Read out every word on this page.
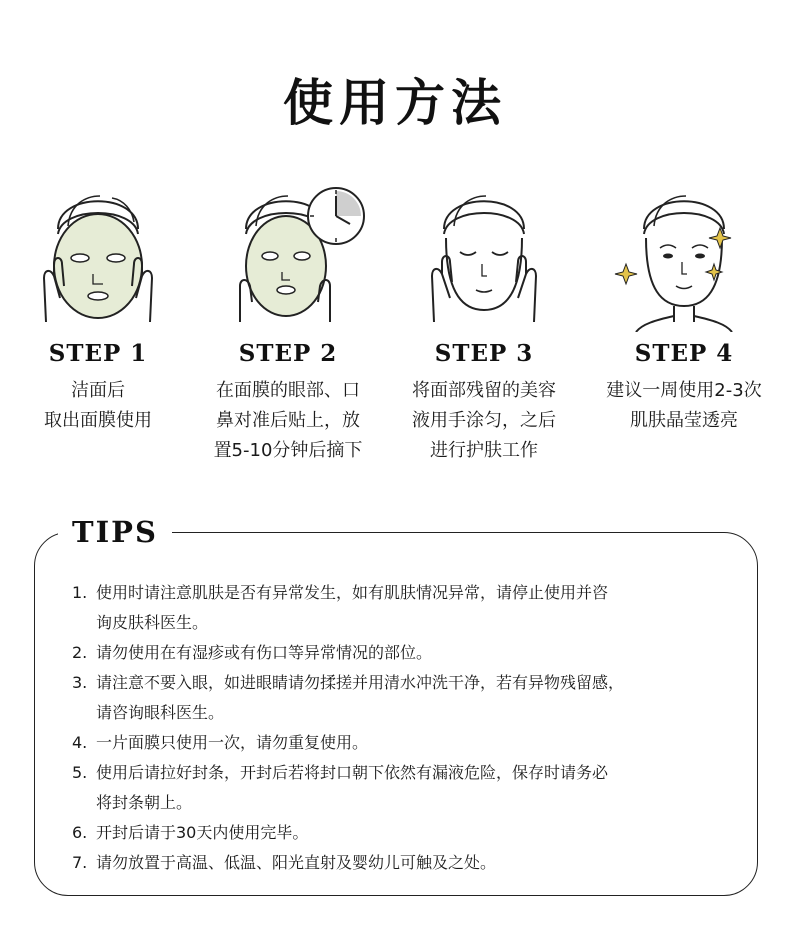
使用方法
STEP 1
洁面后
取出面膜使用
STEP 2
在面膜的眼部、口
鼻对准后贴上，放
置5-10分钟后摘下
STEP 3
将面部残留的美容
液用手涂匀，之后
进行护肤工作
STEP 4
建议一周使用2-3次
肌肤晶莹透亮
TIPS
1. 使用时请注意肌肤是否有异常发生，如有肌肤情况异常，请停止使用并咨
询皮肤科医生。
2. 请勿使用在有湿疹或有伤口等异常情况的部位。
3. 请注意不要入眼，如进眼睛请勿揉搓并用清水冲洗干净，若有异物残留感，
请咨询眼科医生。
4. 一片面膜只使用一次，请勿重复使用。
5. 使用后请拉好封条，开封后若将封口朝下依然有漏液危险，保存时请务必
将封条朝上。
6. 开封后请于30天内使用完毕。
7. 请勿放置于高温、低温、阳光直射及婴幼儿可触及之处。
